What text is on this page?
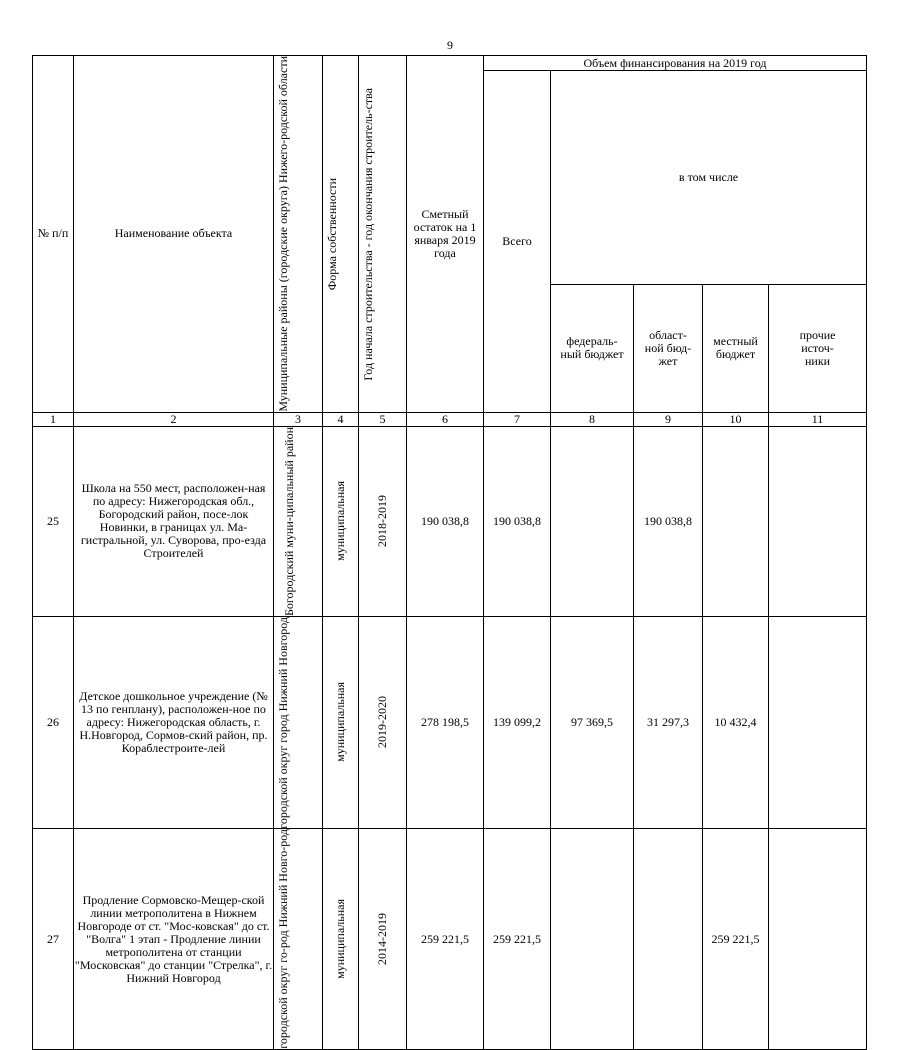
9
№ п/п	Наименование объекта	Муниципальные районы (городские округа) Нижего-родской области	Форма собственности	Год начала строительства - год окончания строитель-ства	Сметный остаток на 1 января 2019 года	Объем финансирования на 2019 год				
						Всего	в том числе			
							федераль-ный бюджет	област-ной бюд-жет	местный бюджет	прочие источ-ники
1	2	3	4	5	6	7	8	9	10	11
25	Школа на 550 мест, расположен-ная по адресу: Нижегородская обл., Богородский район, посе-лок Новинки, в границах ул. Ма-гистральной, ул. Суворова, про-езда Строителей	Богородский муни-ципальный район	муниципальная	2018-2019	190 038,8	190 038,8		190 038,8		
26	Детское дошкольное учреждение (№ 13 по генплану), расположен-ное по адресу: Нижегородская область, г. Н.Новгород, Сормов-ский район, пр. Кораблестроите-лей	городской округ город Нижний Новгород	муниципальная	2019-2020	278 198,5	139 099,2	97 369,5	31 297,3	10 432,4	
27	Продление Сормовско-Мещер-ской линии метрополитена в Нижнем Новгороде от ст. "Мос-ковская" до ст. "Волга" 1 этап - Продление линии метрополитена от станции "Московская" до станции "Стрелка", г. Нижний Новгород	городской округ го-род Нижний Новго-род	муниципальная	2014-2019	259 221,5	259 221,5			259 221,5	
